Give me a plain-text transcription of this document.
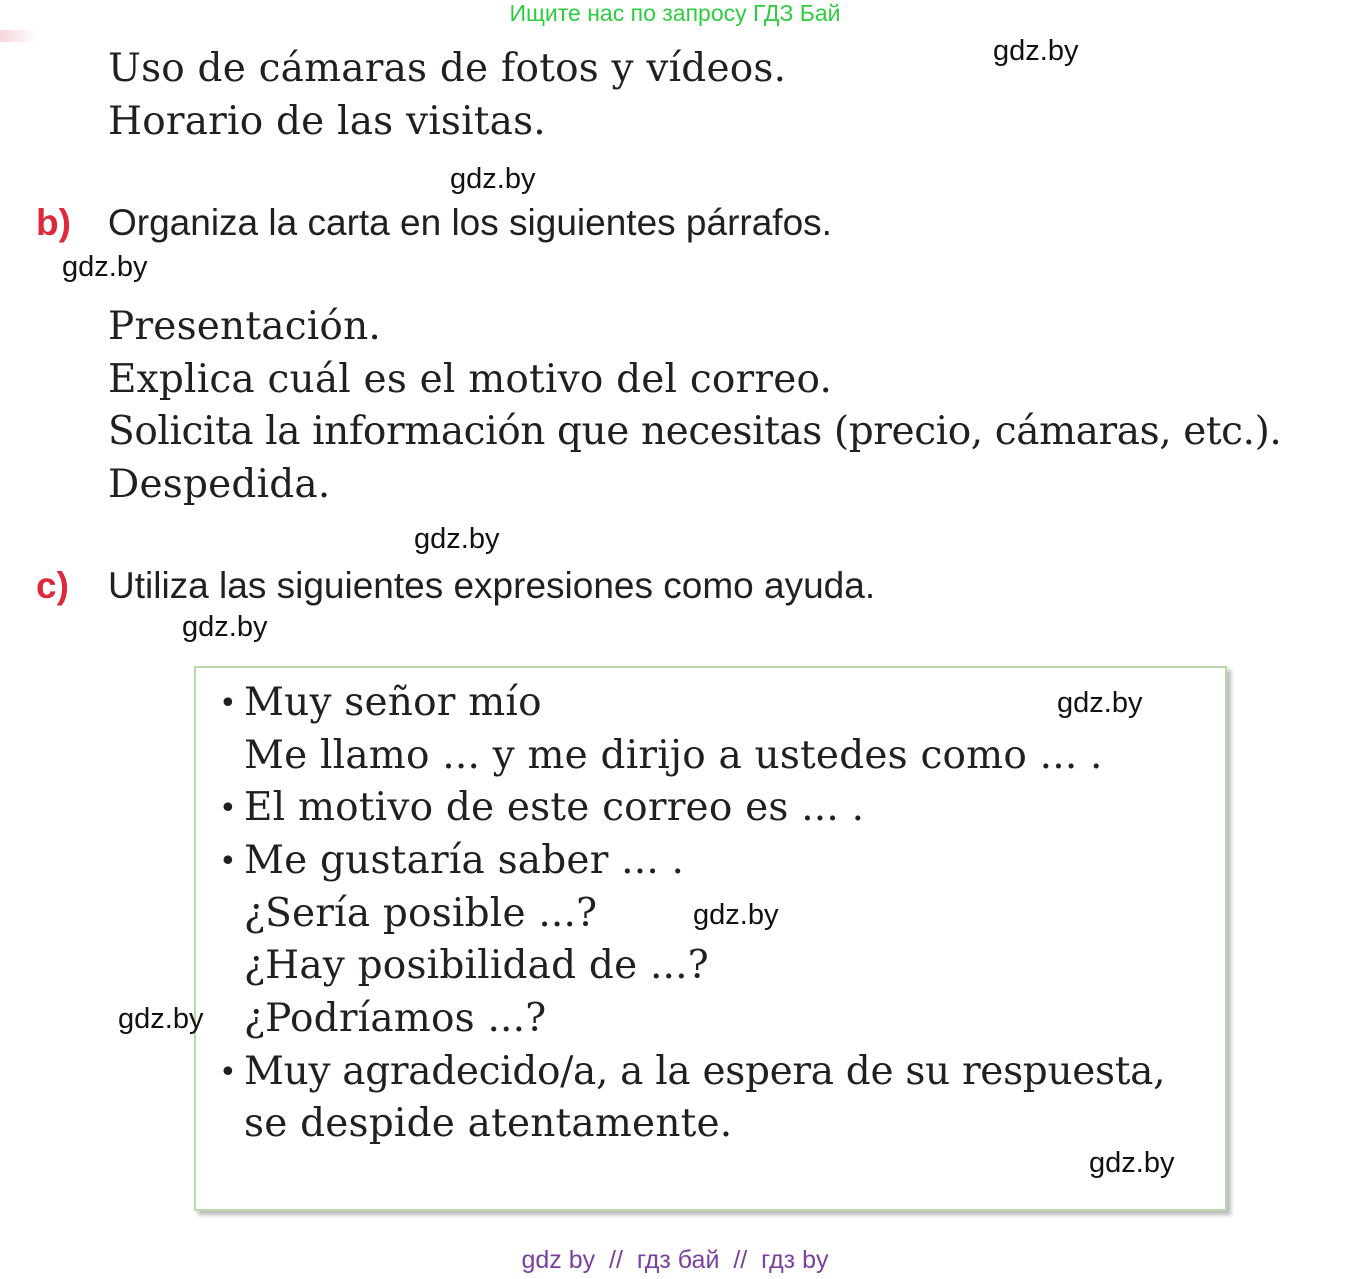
Ищите нас по запросу ГДЗ Бай
Uso de cámaras de fotos y vídeos.
Horario de las visitas.
b) Organiza la carta en los siguientes párrafos.
Presentación.
Explica cuál es el motivo del correo.
Solicita la información que necesitas (precio, cámaras, etc.).
Despedida.
c) Utiliza las siguientes expresiones como ayuda.
• Muy señor mío
Me llamo ... y me dirijo a ustedes como ... .
• El motivo de este correo es ... .
• Me gustaría saber ... .
¿Sería posible ...?
¿Hay posibilidad de ...?
¿Podríamos ...?
• Muy agradecido/a, a la espera de su respuesta,
se despide atentamente.
gdz.by
gdz.by
gdz.by
gdz.by
gdz.by
gdz.by
gdz.by
gdz.by
gdz.by
gdz by  //  гдз бай  //  гдз by
